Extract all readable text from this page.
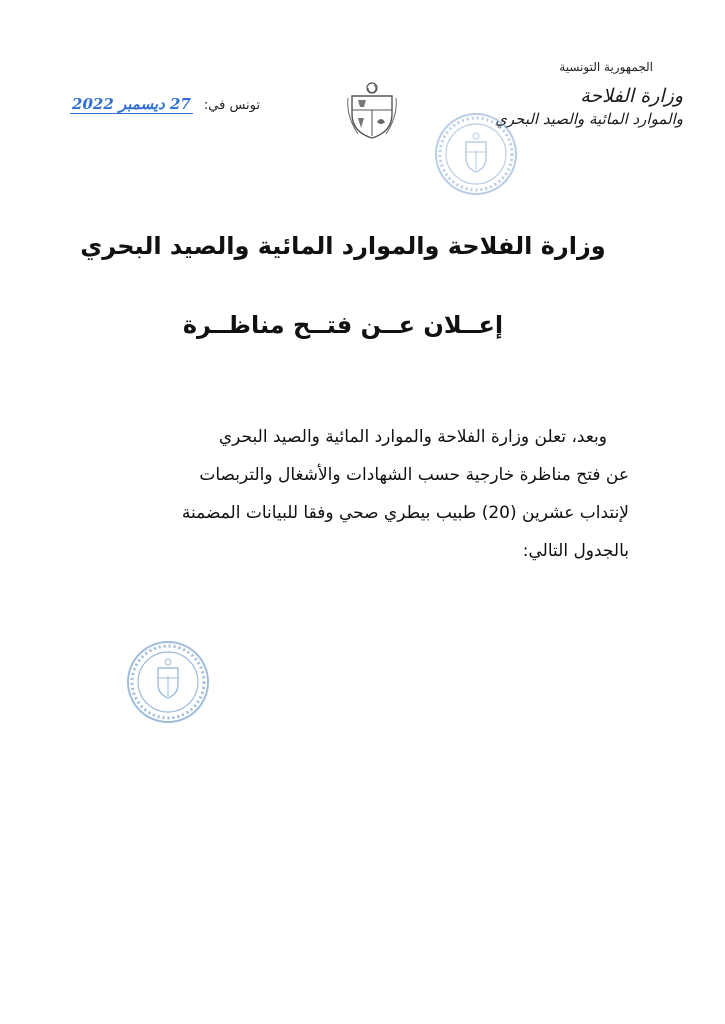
الجمهورية التونسية
وزارة الفلاحة
والموارد المائية والصيد البحري
تونس في: 27 ديسمبر 2022
وزارة الفلاحة والموارد المائية والصيد البحري
إعــلان عــن فتــح مناظــرة
وبعد، تعلن وزارة الفلاحة والموارد المائية والصيد البحري
عن فتح مناظرة خارجية حسب الشهادات والأشغال والتربصات
لإنتداب عشرين (20) طبيب بيطري صحي وفقا للبيانات المضمنة
بالجدول التالي:
